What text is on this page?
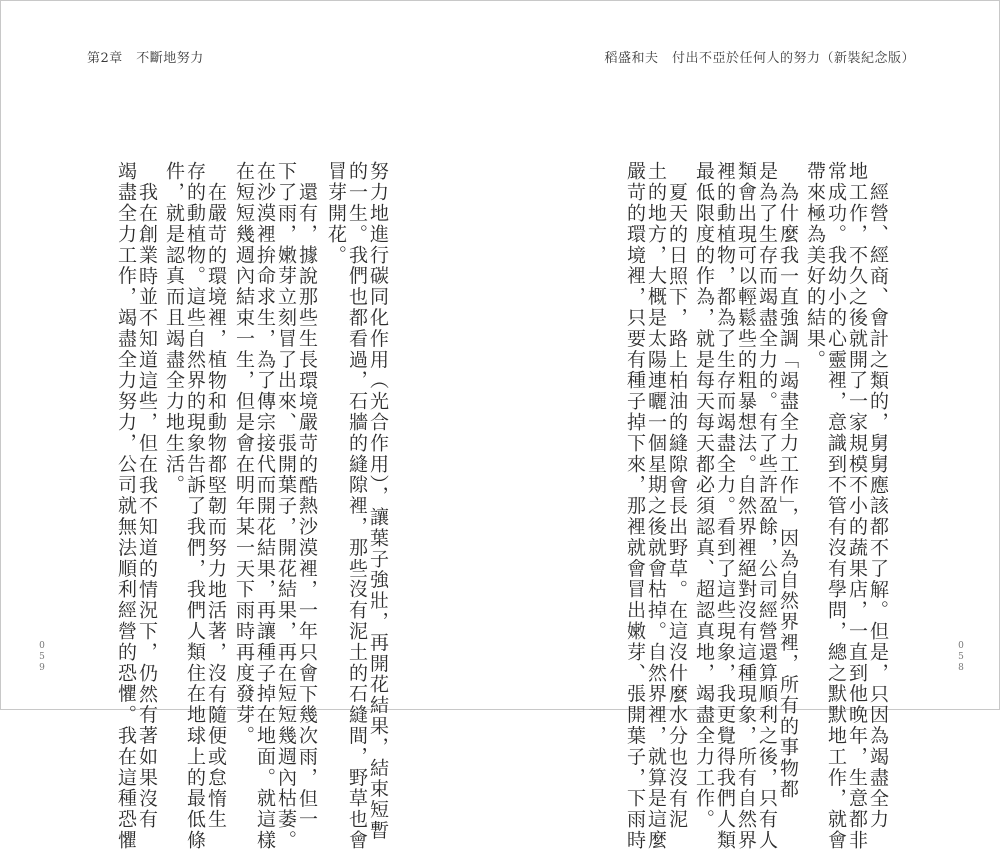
第2章　不斷地努力	稻盛和夫　付出不亞於任何人的努力（新裝紀念版）
經營、經商、會計之類的，舅舅應該都不了解。但是，只因為竭盡全力
地工作，不久之後就開了一家規模不小的蔬果店，一直到他晚年，生意都非
常成功。我幼小的心靈裡，意識到不管有沒有學問，總之默默地工作，就會
帶來極為美好的結果。
為什麼我一直強調「竭盡全力工作」，因為自然界裡，所有的事物都
是為了生存而竭盡全力的。有了些許盈餘，公司經營還算順利之後，只有人
類會出現可以輕鬆些的粗暴想法。自然界裡絕對沒有這種現象，所有自然界
裡的動植物，都為了生存而竭盡全力。看到了這些現象，我更覺得我們人類
最低限度的作為，就是每天每天都必須認真、超認真地，竭盡全力工作。
夏天的日照下，路上柏油的縫隙會長出野草。在這沒什麼水分也沒有泥
土的地方，大概是太陽連曬一個星期之後就會枯掉。自然界裡，就算是這麼
嚴苛的環境裡，只要有種子掉下來，那裡就會冒出嫩芽、張開葉子，下雨時
努力地進行碳同化作用（光合作用），讓葉子強壯，再開花結果，結束短暫
的一生。我們也都看過，石牆的縫隙裡，那些沒有泥土的石縫間，野草也會
冒芽開花。
還有，據說那些生長環境嚴苛的酷熱沙漠裡，一年只會下幾次雨，但一
下了雨，嫩芽立刻冒了出來、張開葉子，開花結果，再在短短幾週內枯萎。
在沙漠裡拚命求生，為了傳宗接代而開花結果，再讓種子掉在地面。就這樣
在短短幾週內結束一生，但是會在明年某一天下雨時再度發芽。
在嚴苛的環境裡，植物和動物都堅韌而努力地活著，沒有隨便或怠惰生
存的動植物。這些自然界的現象告訴了我們，我們人類住在地球上的最低條
件，就是認真而且竭盡全力地生活。
我在創業時並不知道這些，但在我不知道的情況下，仍然有著如果沒有
竭盡全力工作，竭盡全力努力，公司就無法順利經營的恐懼。我在這種恐懼
059	058
